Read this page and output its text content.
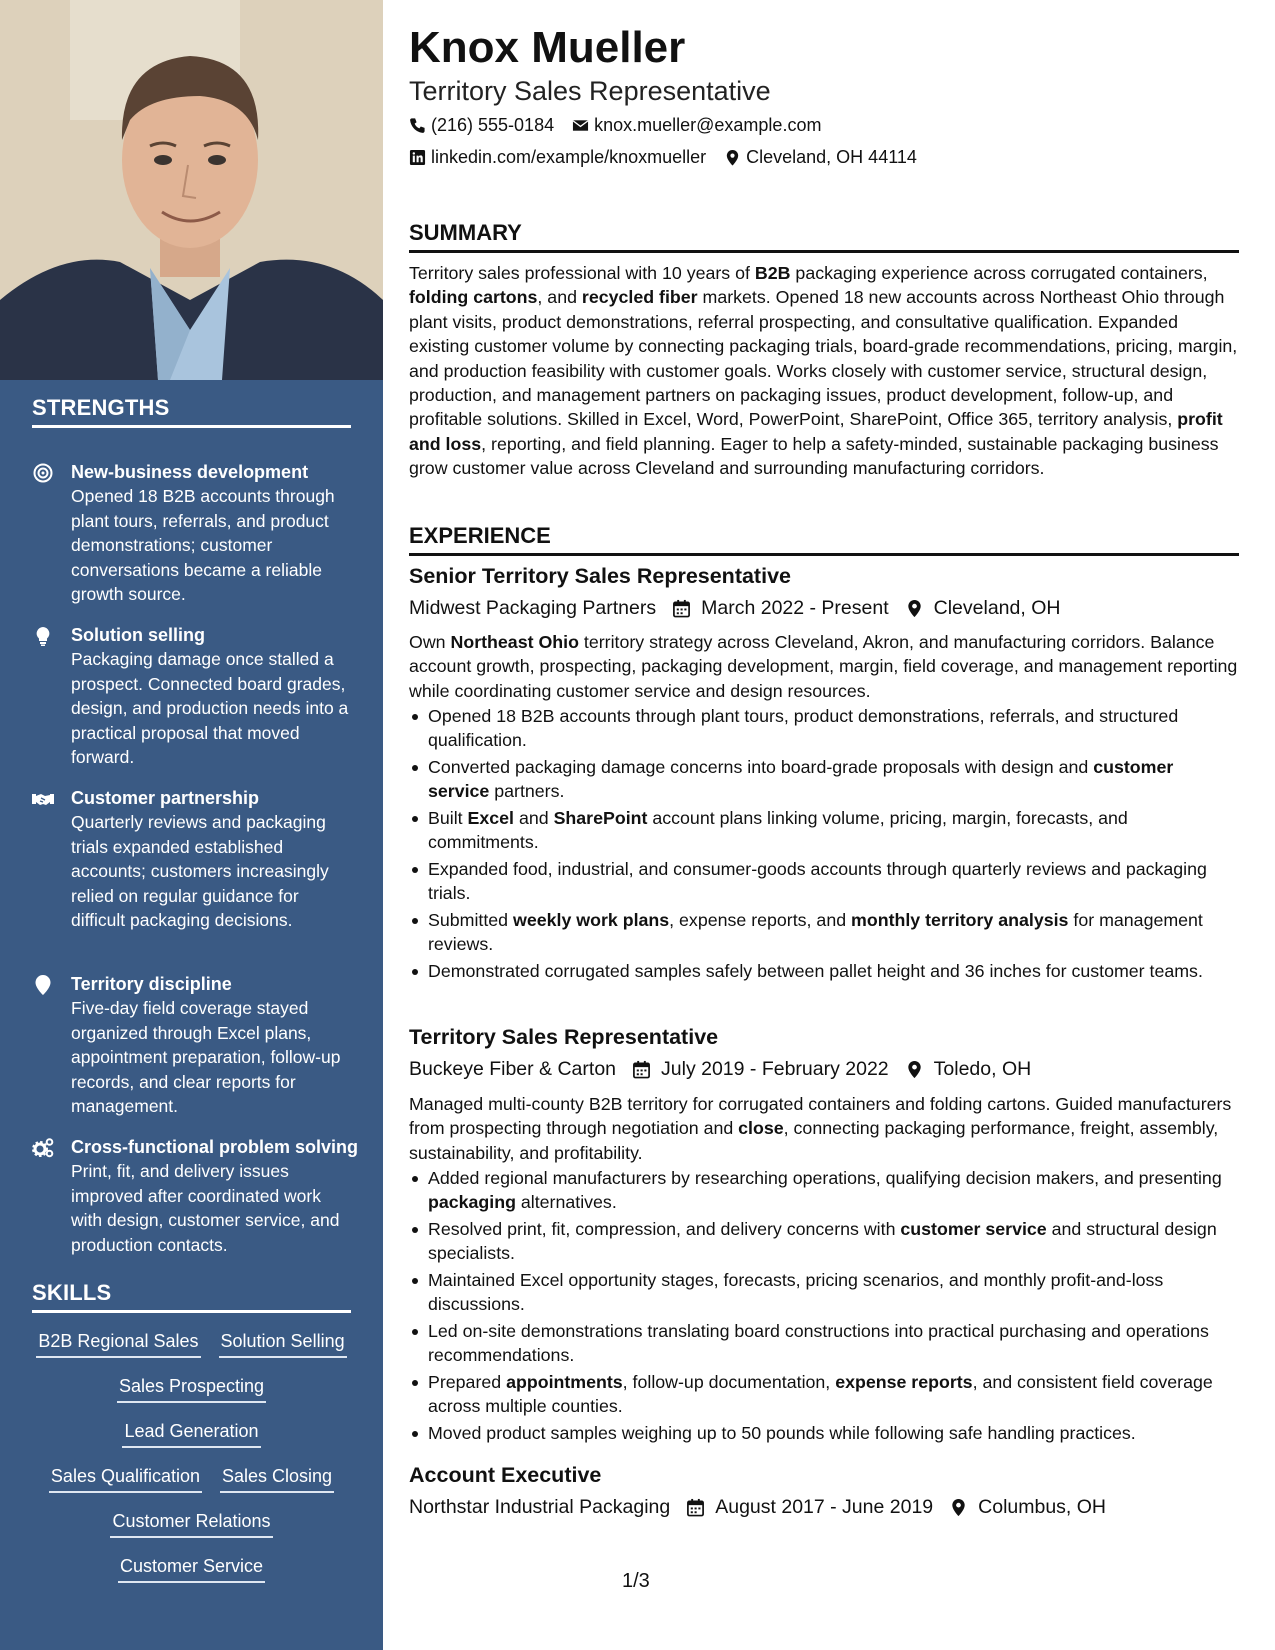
STRENGTHS
New-business development
Opened 18 B2B accounts through plant tours, referrals, and product demonstrations; customer conversations became a reliable growth source.
Solution selling
Packaging damage once stalled a prospect. Connected board grades, design, and production needs into a practical proposal that moved forward.
Customer partnership
Quarterly reviews and packaging trials expanded established accounts; customers increasingly relied on regular guidance for difficult packaging decisions.
Territory discipline
Five-day field coverage stayed organized through Excel plans, appointment preparation, follow-up records, and clear reports for management.
Cross-functional problem solving
Print, fit, and delivery issues improved after coordinated work with design, customer service, and production contacts.
SKILLS
B2B Regional Sales Solution Selling
Sales Prospecting
Lead Generation
Sales Qualification Sales Closing
Customer Relations
Customer Service
Knox Mueller
Territory Sales Representative
(216) 555-0184 knox.mueller@example.com
linkedin.com/example/knoxmueller Cleveland, OH 44114
SUMMARY
Territory sales professional with 10 years of B2B packaging experience across corrugated containers, folding cartons, and recycled fiber markets. Opened 18 new accounts across Northeast Ohio through plant visits, product demonstrations, referral prospecting, and consultative qualification. Expanded existing customer volume by connecting packaging trials, board-grade recommendations, pricing, margin, and production feasibility with customer goals. Works closely with customer service, structural design, production, and management partners on packaging issues, product development, follow-up, and profitable solutions. Skilled in Excel, Word, PowerPoint, SharePoint, Office 365, territory analysis, profit and loss, reporting, and field planning. Eager to help a safety-minded, sustainable packaging business grow customer value across Cleveland and surrounding manufacturing corridors.
EXPERIENCE
Senior Territory Sales Representative
Midwest Packaging Partners March 2022 - Present Cleveland, OH
Own Northeast Ohio territory strategy across Cleveland, Akron, and manufacturing corridors. Balance account growth, prospecting, packaging development, margin, field coverage, and management reporting while coordinating customer service and design resources.
Opened 18 B2B accounts through plant tours, product demonstrations, referrals, and structured qualification.
Converted packaging damage concerns into board-grade proposals with design and customer service partners.
Built Excel and SharePoint account plans linking volume, pricing, margin, forecasts, and commitments.
Expanded food, industrial, and consumer-goods accounts through quarterly reviews and packaging trials.
Submitted weekly work plans, expense reports, and monthly territory analysis for management reviews.
Demonstrated corrugated samples safely between pallet height and 36 inches for customer teams.
Territory Sales Representative
Buckeye Fiber & Carton July 2019 - February 2022 Toledo, OH
Managed multi-county B2B territory for corrugated containers and folding cartons. Guided manufacturers from prospecting through negotiation and close, connecting packaging performance, freight, assembly, sustainability, and profitability.
Added regional manufacturers by researching operations, qualifying decision makers, and presenting packaging alternatives.
Resolved print, fit, compression, and delivery concerns with customer service and structural design specialists.
Maintained Excel opportunity stages, forecasts, pricing scenarios, and monthly profit-and-loss discussions.
Led on-site demonstrations translating board constructions into practical purchasing and operations recommendations.
Prepared appointments, follow-up documentation, expense reports, and consistent field coverage across multiple counties.
Moved product samples weighing up to 50 pounds while following safe handling practices.
Account Executive
Northstar Industrial Packaging August 2017 - June 2019 Columbus, OH
1/3
